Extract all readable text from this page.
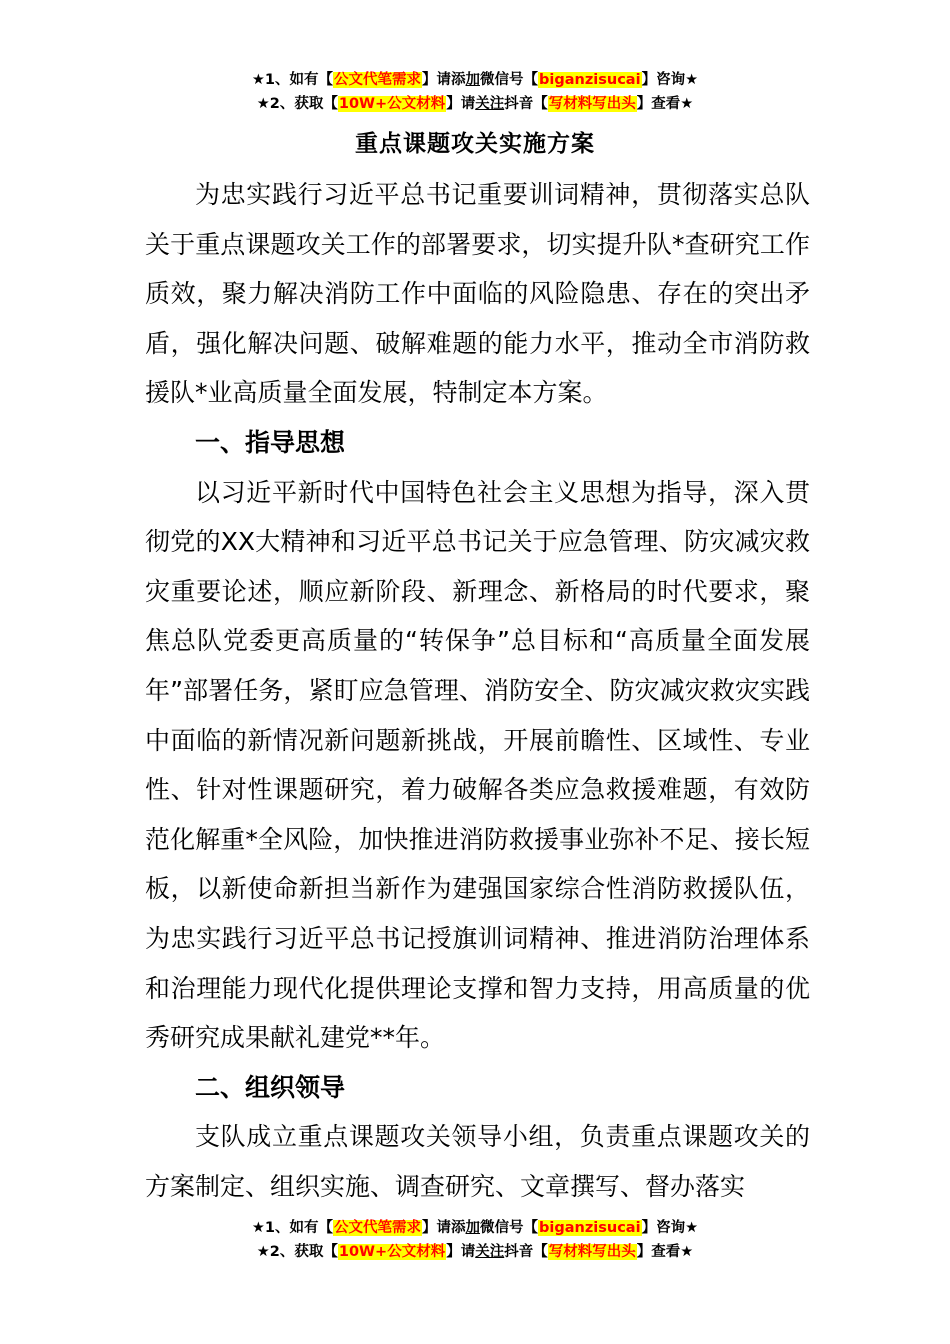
★1、如有【公文代笔需求】请添加微信号【biganzisucai】咨询★
★2、获取【10W+公文材料】请关注抖音【写材料写出头】查看★
重点课题攻关实施方案

为忠实践行习近平总书记重要训词精神，贯彻落实总队关于重点课题攻关工作的部署要求，切实提升队*查研究工作质效，聚力解决消防工作中面临的风险隐患、存在的突出矛盾，强化解决问题、破解难题的能力水平，推动全市消防救援队*业高质量全面发展，特制定本方案。

一、指导思想

以习近平新时代中国特色社会主义思想为指导，深入贯彻党的XX大精神和习近平总书记关于应急管理、防灾减灾救灾重要论述，顺应新阶段、新理念、新格局的时代要求，聚焦总队党委更高质量的“转保争”总目标和“高质量全面发展年”部署任务，紧盯应急管理、消防安全、防灾减灾救灾实践中面临的新情况新问题新挑战，开展前瞻性、区域性、专业性、针对性课题研究，着力破解各类应急救援难题，有效防范化解重*全风险，加快推进消防救援事业弥补不足、接长短板，以新使命新担当新作为建强国家综合性消防救援队伍，为忠实践行习近平总书记授旗训词精神、推进消防治理体系和治理能力现代化提供理论支撑和智力支持，用高质量的优秀研究成果献礼建党**年。

二、组织领导

支队成立重点课题攻关领导小组，负责重点课题攻关的方案制定、组织实施、调查研究、文章撰写、督办落实

★1、如有【公文代笔需求】请添加微信号【biganzisucai】咨询★
★2、获取【10W+公文材料】请关注抖音【写材料写出头】查看★
